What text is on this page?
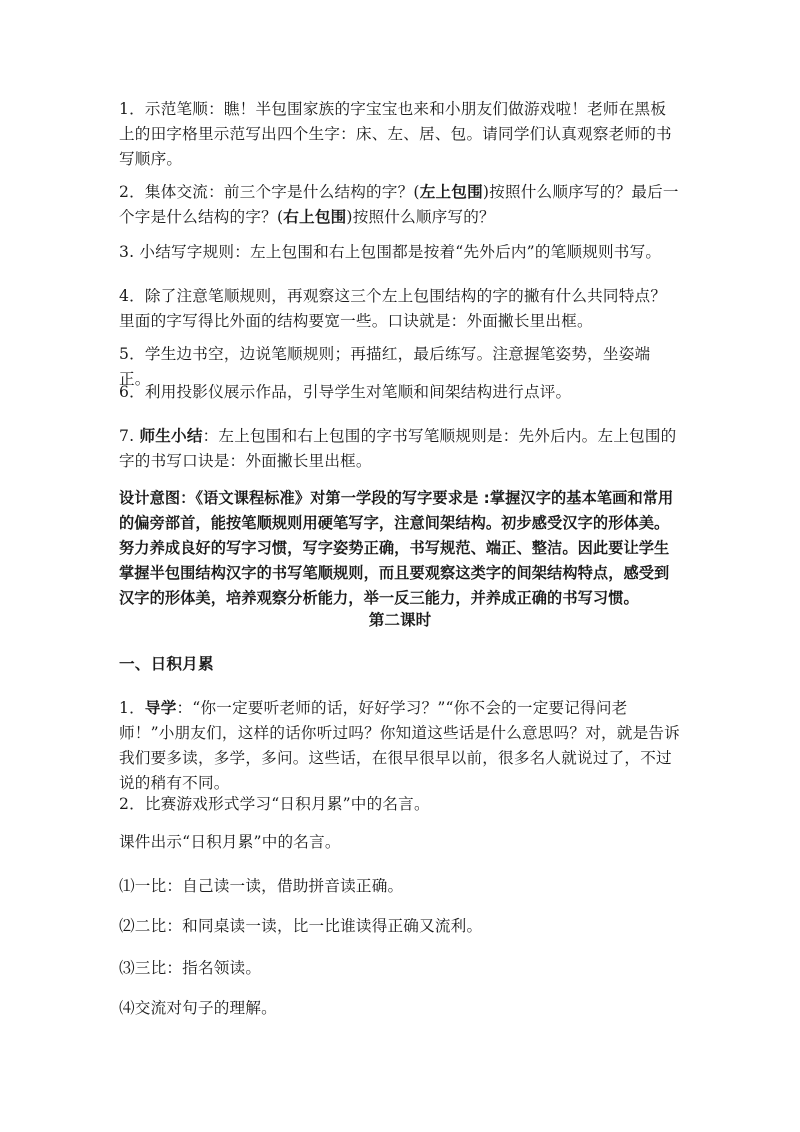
1．示范笔顺：瞧！半包围家族的字宝宝也来和小朋友们做游戏啦！老师在黑板上的田字格里示范写出四个生字：床、左、居、包。请同学们认真观察老师的书写顺序。

2．集体交流：前三个字是什么结构的字？(左上包围)按照什么顺序写的？最后一个字是什么结构的字？(右上包围)按照什么顺序写的？

3. 小结写字规则：左上包围和右上包围都是按着“先外后内”的笔顺规则书写。

4．除了注意笔顺规则，再观察这三个左上包围结构的字的撇有什么共同特点？里面的字写得比外面的结构要宽一些。口诀就是：外面撇长里出框。

5．学生边书空，边说笔顺规则；再描红，最后练写。注意握笔姿势，坐姿端正。

6．利用投影仪展示作品，引导学生对笔顺和间架结构进行点评。

7. 师生小结：左上包围和右上包围的字书写笔顺规则是：先外后内。左上包围的字的书写口诀是：外面撇长里出框。

设计意图：《语文课程标准》对第一学段的写字要求是 :掌握汉字的基本笔画和常用的偏旁部首，能按笔顺规则用硬笔写字，注意间架结构。初步感受汉字的形体美。努力养成良好的写字习惯，写字姿势正确，书写规范、端正、整洁。因此要让学生掌握半包围结构汉字的书写笔顺规则，而且要观察这类字的间架结构特点，感受到汉字的形体美，培养观察分析能力，举一反三能力，并养成正确的书写习惯。

第二课时

一、日积月累

1．导学：“你一定要听老师的话，好好学习？”“你不会的一定要记得问老师！”小朋友们，这样的话你听过吗？你知道这些话是什么意思吗？对，就是告诉我们要多读，多学，多问。这些话，在很早很早以前，很多名人就说过了，不过说的稍有不同。

2．比赛游戏形式学习“日积月累”中的名言。

课件出示“日积月累”中的名言。

⑴一比：自己读一读，借助拼音读正确。

⑵二比：和同桌读一读，比一比谁读得正确又流利。

⑶三比：指名领读。

⑷交流对句子的理解。
